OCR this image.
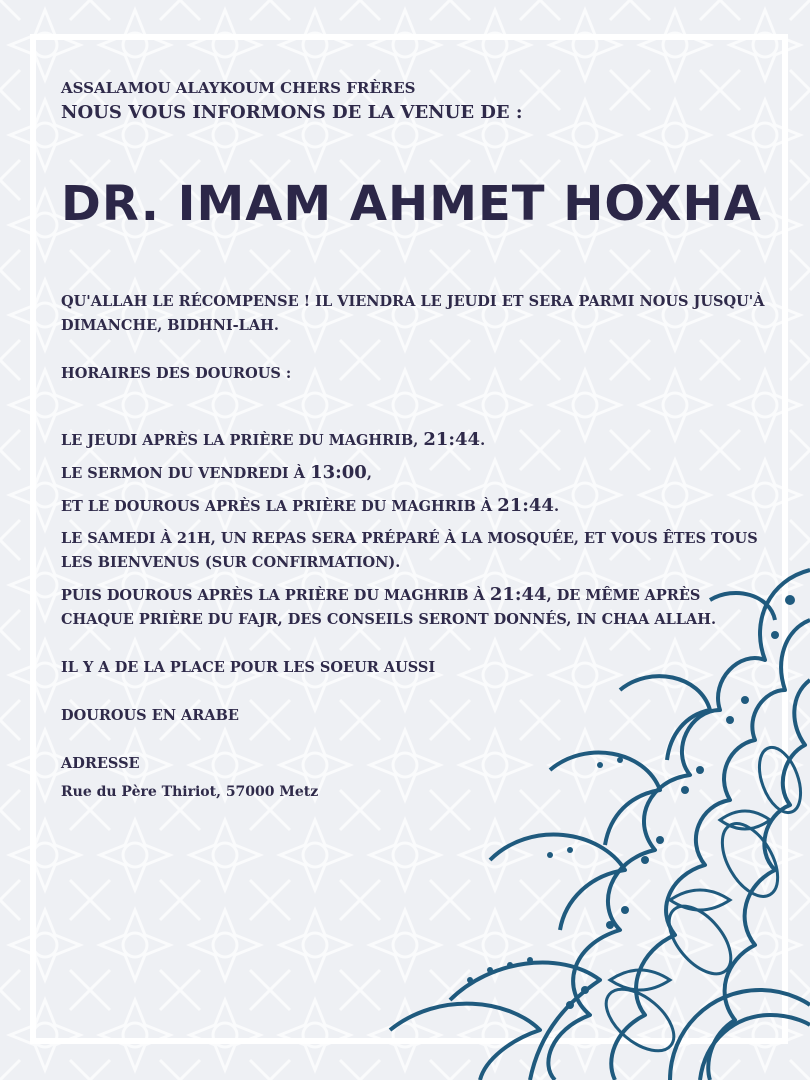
ASSALAMOU ALAYKOUM CHERS FRÈRES

NOUS VOUS INFORMONS DE LA VENUE DE :

DR. IMAM AHMET HOXHA

QU'ALLAH LE RÉCOMPENSE ! IL VIENDRA LE JEUDI ET SERA PARMI NOUS JUSQU'À DIMANCHE, BIDHNI-LAH.

HORAIRES DES DOUROUS :

LE JEUDI APRÈS LA PRIÈRE DU MAGHRIB, 21:44.

LE SERMON DU VENDREDI À 13:00,

ET LE DOUROUS APRÈS LA PRIÈRE DU MAGHRIB À 21:44.

LE SAMEDI À 21H, UN REPAS SERA PRÉPARÉ À LA MOSQUÉE, ET VOUS ÊTES TOUS LES BIENVENUS (SUR CONFIRMATION).

PUIS DOUROUS APRÈS LA PRIÈRE DU MAGHRIB À 21:44, DE MÊME APRÈS CHAQUE PRIÈRE DU FAJR, DES CONSEILS SERONT DONNÉS, IN CHAA ALLAH.

IL Y A DE LA PLACE POUR LES SOEUR AUSSI

DOUROUS EN ARABE

ADRESSE

Rue du Père Thiriot, 57000 Metz
